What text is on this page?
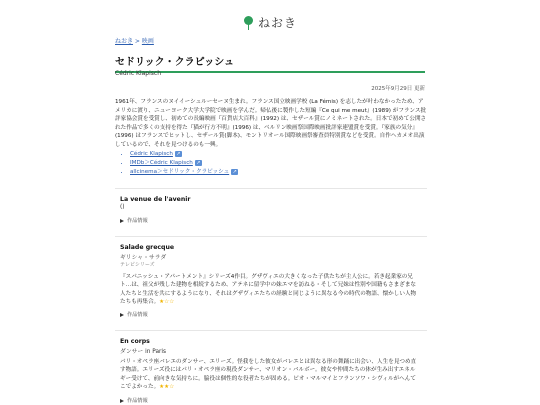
ねおき
ねおき > 映画
セドリック・クラピッシュ
Cédric Klapisch
2025年9月29日 更新

1961年、フランスのヌイイーシュルーセーヌ生まれ。フランス国立映画学校 (La Fémis) を志したが叶わなかったため、アメリカに渡り、ニューヨーク大学大学院で映画を学んだ。帰仏後に製作した短編『Ce qui me meut』(1989) がフランス批評家協会賞を受賞し、初めての長編映画『百貨店大百科』(1992) は、セザール賞にノミネートされた。日本で初めて公開された作品で多くの支持を得た『猫が行方不明』(1996) は、ベルリン映画祭国際映画批評家連盟賞を受賞。『家族の気分』(1996) はフランスでヒットし、セザール賞(脚本)、モントリオール国際映画祭審査員特別賞などを受賞。自作へカメオ出演しているので、それを見つけるのも一興。

• Cédric Klapisch ↗
• IMDb＞Cédric Klapisch ↗
• allcinema＞セドリック・クラピッシュ ↗
La venue de l'avenir
()
作品情報
Salade grecque
ギリシャ・サラダ
テレビシリーズ

『スパニッシュ・アパートメント』シリーズ4作目。グザヴィエの大きくなった子供たちが主人公に。若き起業家の兄ト…は、祖父が残した建物を相続するため、アテネに留学中の妹エマを訪ねる・そして兄妹は性別や国籍もさまざまな人たちと生活を共にするようになり、それはグザヴィエたちの経験と同じように異なる今の時代の物語、懐かしい人物たちも再集合。★☆☆

作品情報
En corps
ダンサー in Paris

パリ・オペラ座バレエのダンサー、エリーズ。怪我をした彼女がバレエとは異なる形の舞踊に出会い、人生を見つめ直す物語。エリーズ役にはパリ・オペラ座の現役ダンサー、マリオン・バルボー。彼女や仲間たちの体が生み出すエネルギー受けて、前向きな気持ちに。脇役は個性的な役者たちが固める。ピオ・マルマイとフランソワ・シヴィルがへんてこでよかった。★★☆

作品情報
